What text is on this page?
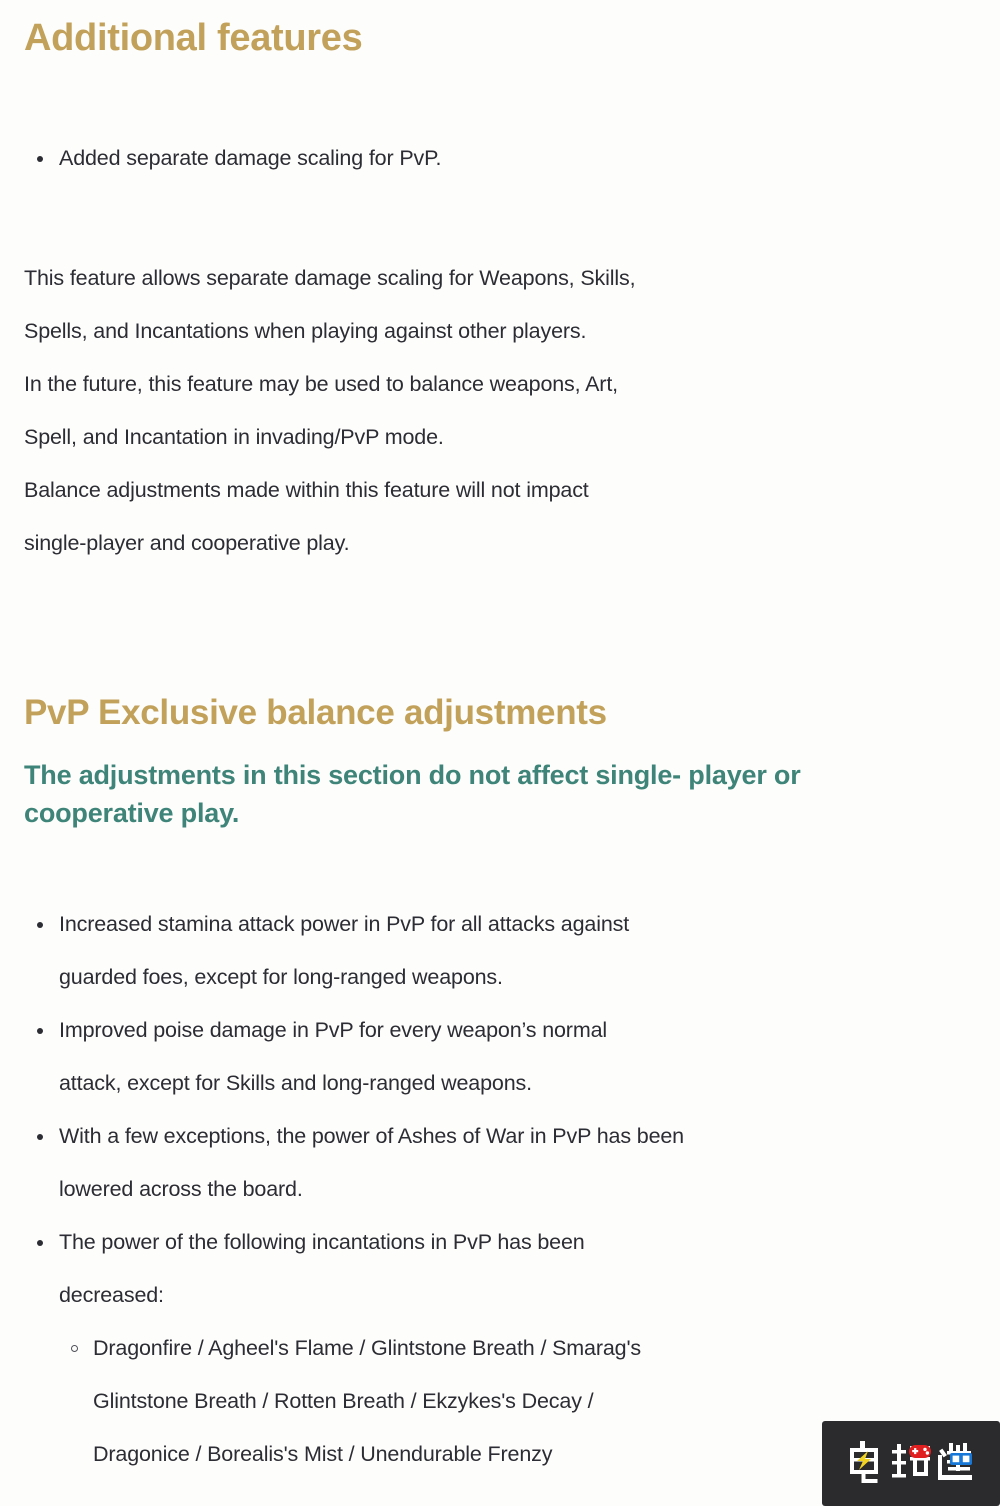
Additional features
Added separate damage scaling for PvP.
This feature allows separate damage scaling for Weapons, Skills,
Spells, and Incantations when playing against other players.
In the future, this feature may be used to balance weapons, Art,
Spell, and Incantation in invading/PvP mode.
Balance adjustments made within this feature will not impact
single-player and cooperative play.
PvP Exclusive balance adjustments
The adjustments in this section do not affect single- player or cooperative play.
Increased stamina attack power in PvP for all attacks against
guarded foes, except for long-ranged weapons.
Improved poise damage in PvP for every weapon’s normal
attack, except for Skills and long-ranged weapons.
With a few exceptions, the power of Ashes of War in PvP has been
lowered across the board.
The power of the following incantations in PvP has been
decreased:
Dragonfire / Agheel's Flame / Glintstone Breath / Smarag's
Glintstone Breath / Rotten Breath / Ekzykes's Decay /
Dragonice / Borealis's Mist / Unendurable Frenzy
